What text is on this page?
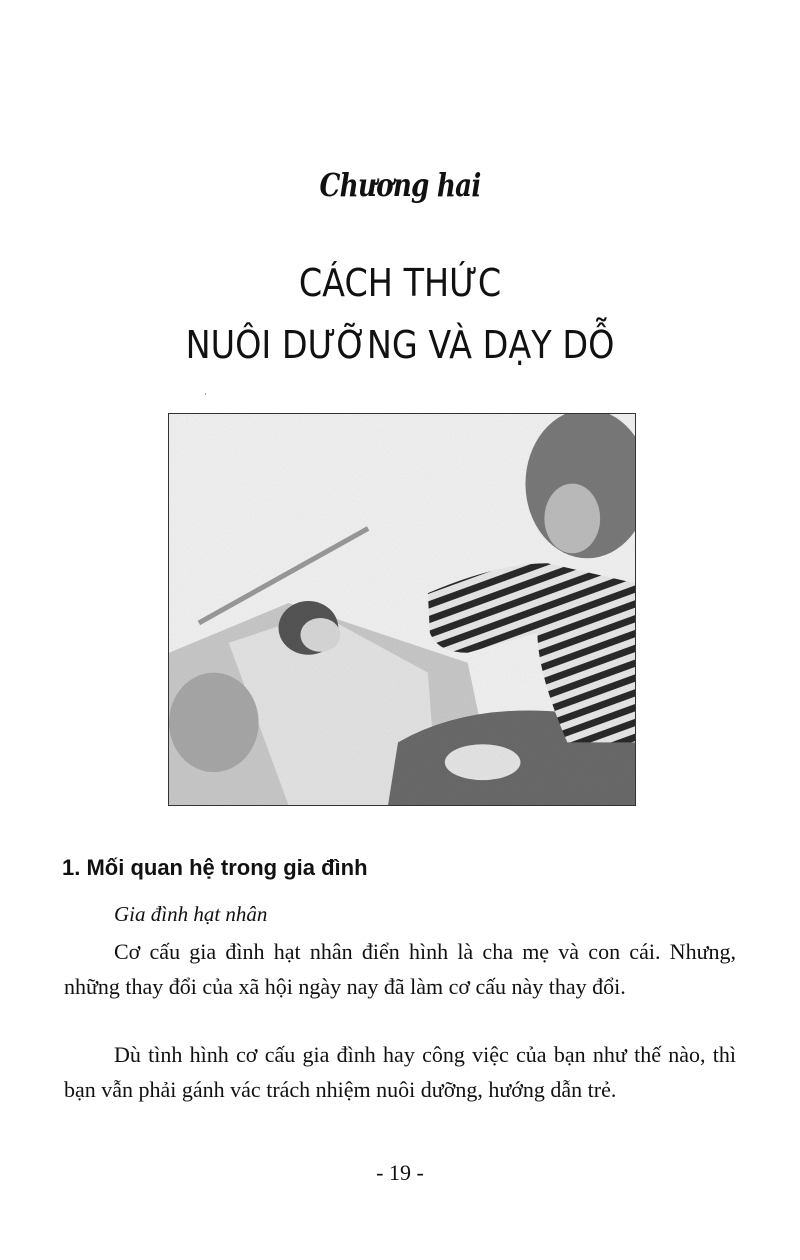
Chương hai
CÁCH THỨC
NUÔI DƯỠNG VÀ DẠY DỖ
˙
1. Mối quan hệ trong gia đình
Gia đình hạt nhân

Cơ cấu gia đình hạt nhân điển hình là cha mẹ và con cái. Nhưng, những thay đổi của xã hội ngày nay đã làm cơ cấu này thay đổi.

Dù tình hình cơ cấu gia đình hay công việc của bạn như thế nào, thì bạn vẫn phải gánh vác trách nhiệm nuôi dưỡng, hướng dẫn trẻ.

- 19 -
